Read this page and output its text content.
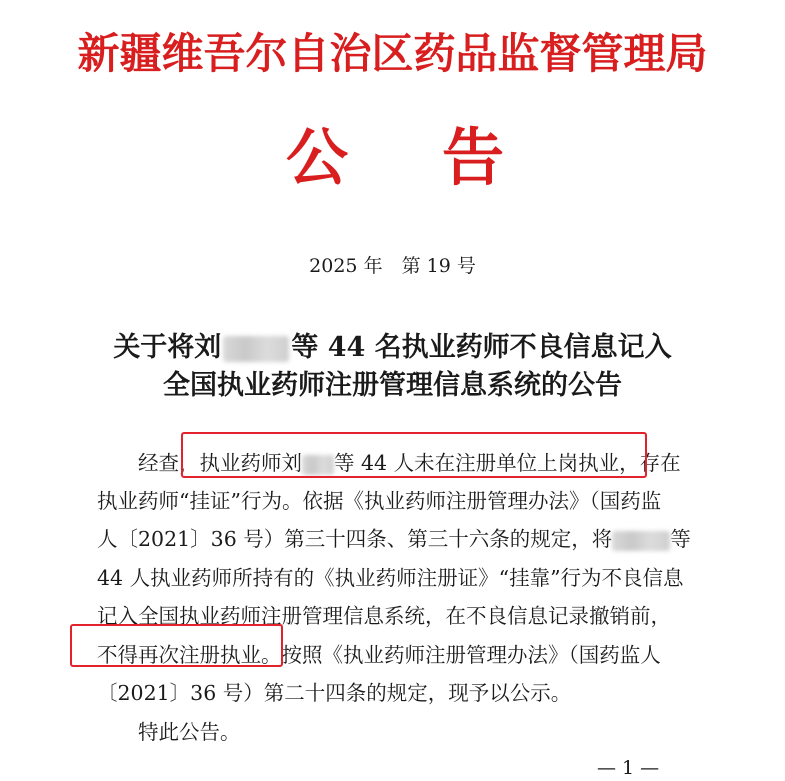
新疆维吾尔自治区药品监督管理局
公 告
2025 年　第 19 号
关于将刘	等 44 名执业药师不良信息记入
全国执业药师注册管理信息系统的公告
经查，执业药师刘 等 44 人未在注册单位上岗执业，存在
执业药师“挂证”行为。依据《执业药师注册管理办法》（国药监
人〔2021〕36 号）第三十四条、第三十六条的规定，将	等
44 人执业药师所持有的《执业药师注册证》“挂靠”行为不良信息
记入全国执业药师注册管理信息系统，在不良信息记录撤销前，
不得再次注册执业。按照《执业药师注册管理办法》（国药监人
〔2021〕36 号）第二十四条的规定，现予以公示。
特此公告。
— 1 —
